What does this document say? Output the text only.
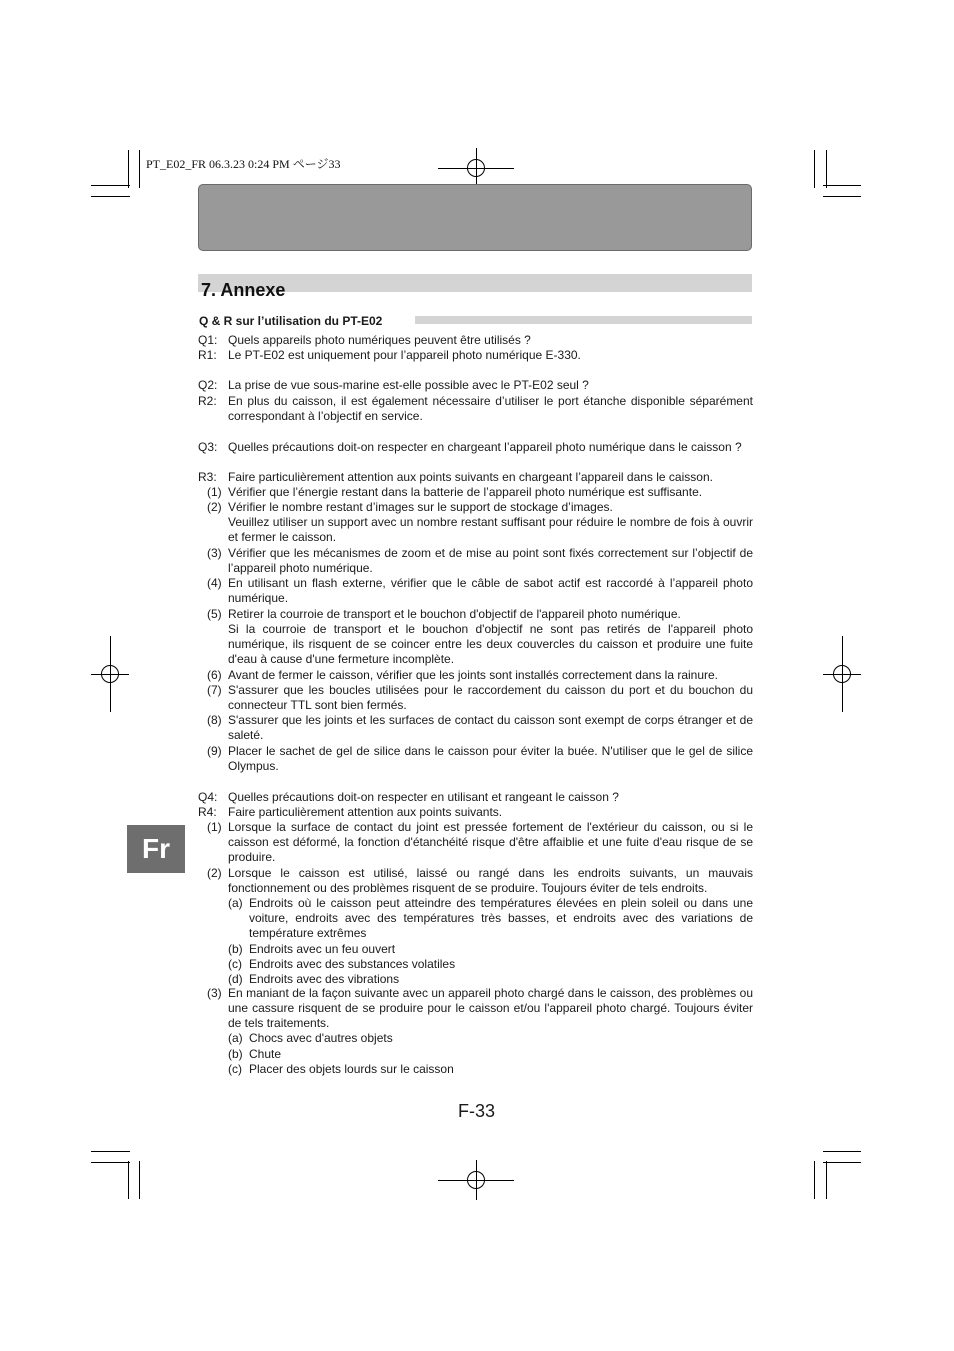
PT_E02_FR 06.3.23 0:24 PM ページ33
7. Annexe
Q & R sur l’utilisation du PT-E02
Fr
Q1: Quels appareils photo numériques peuvent être utilisés ?
R1: Le PT-E02 est uniquement pour l’appareil photo numérique E-330.
Q2: La prise de vue sous-marine est-elle possible avec le PT-E02 seul ?
R2: En plus du caisson, il est également nécessaire d’utiliser le port étanche disponible séparément correspondant à l’objectif en service.
Q3: Quelles précautions doit-on respecter en chargeant l’appareil photo numérique dans le caisson ?
R3: Faire particulièrement attention aux points suivants en chargeant l’appareil dans le caisson.
(1) Vérifier que l’énergie restant dans la batterie de l’appareil photo numérique est suffisante.
(2) Vérifier le nombre restant d’images sur le support de stockage d’images.
Veuillez utiliser un support avec un nombre restant suffisant pour réduire le nombre de fois à ouvrir et fermer le caisson.
(3) Vérifier que les mécanismes de zoom et de mise au point sont fixés correctement sur l’objectif de l’appareil photo numérique.
(4) En utilisant un flash externe, vérifier que le câble de sabot actif est raccordé à l’appareil photo numérique.
(5) Retirer la courroie de transport et le bouchon d'objectif de l'appareil photo numérique.
Si la courroie de transport et le bouchon d'objectif ne sont pas retirés de l'appareil photo numérique, ils risquent de se coincer entre les deux couvercles du caisson et produire une fuite d'eau à cause d'une fermeture incomplète.
(6) Avant de fermer le caisson, vérifier que les joints sont installés correctement dans la rainure.
(7) S'assurer que les boucles utilisées pour le raccordement du caisson du port et du bouchon du connecteur TTL sont bien fermés.
(8) S'assurer que les joints et les surfaces de contact du caisson sont exempt de corps étranger et de saleté.
(9) Placer le sachet de gel de silice dans le caisson pour éviter la buée. N'utiliser que le gel de silice Olympus.
Q4: Quelles précautions doit-on respecter en utilisant et rangeant le caisson ?
R4: Faire particulièrement attention aux points suivants.
(1) Lorsque la surface de contact du joint est pressée fortement de l'extérieur du caisson, ou si le caisson est déformé, la fonction d'étanchéité risque d'être affaiblie et une fuite d'eau risque de se produire.
(2) Lorsque le caisson est utilisé, laissé ou rangé dans les endroits suivants, un mauvais fonctionnement ou des problèmes risquent de se produire. Toujours éviter de tels endroits.
(a) Endroits où le caisson peut atteindre des températures élevées en plein soleil ou dans une voiture, endroits avec des températures très basses, et endroits avec des variations de température extrêmes
(b) Endroits avec un feu ouvert
(c) Endroits avec des substances volatiles
(d) Endroits avec des vibrations
(3) En maniant de la façon suivante avec un appareil photo chargé dans le caisson, des problèmes ou une cassure risquent de se produire pour le caisson et/ou l'appareil photo chargé. Toujours éviter de tels traitements.
(a) Chocs avec d'autres objets
(b) Chute
(c) Placer des objets lourds sur le caisson
F-33
